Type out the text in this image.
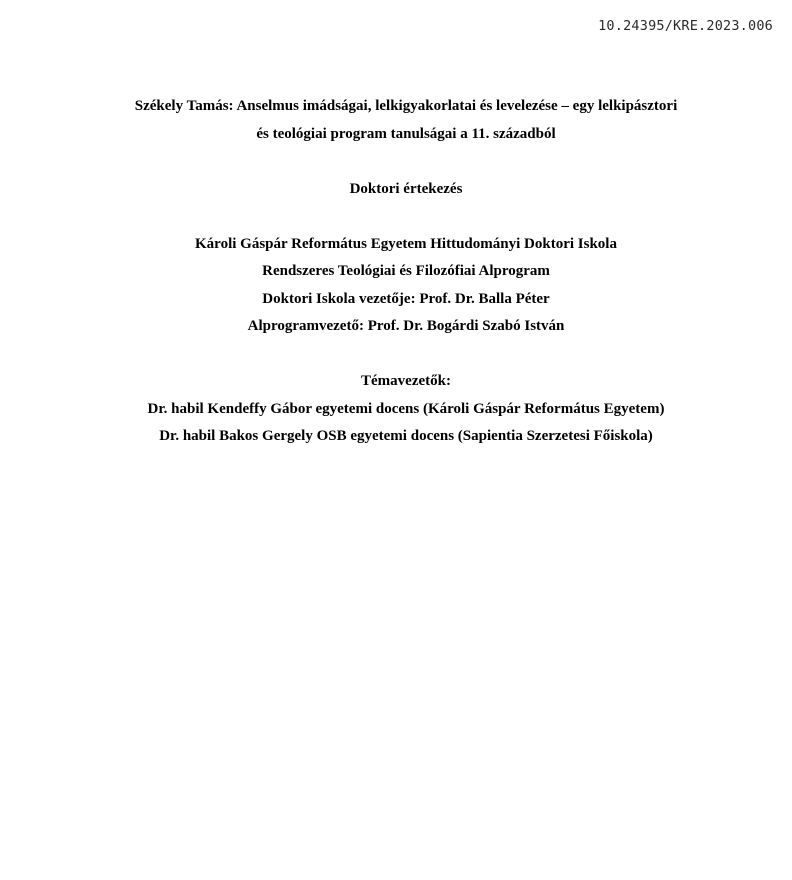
10.24395/KRE.2023.006

Székely Tamás: Anselmus imádságai, lelkigyakorlatai és levelezése – egy lelkipásztori

és teológiai program tanulságai a 11. századból

Doktori értekezés

Károli Gáspár Református Egyetem Hittudományi Doktori Iskola

Rendszeres Teológiai és Filozófiai Alprogram

Doktori Iskola vezetője: Prof. Dr. Balla Péter

Alprogramvezető: Prof. Dr. Bogárdi Szabó István

Témavezetők:

Dr. habil Kendeffy Gábor egyetemi docens (Károli Gáspár Református Egyetem)

Dr. habil Bakos Gergely OSB egyetemi docens (Sapientia Szerzetesi Főiskola)
